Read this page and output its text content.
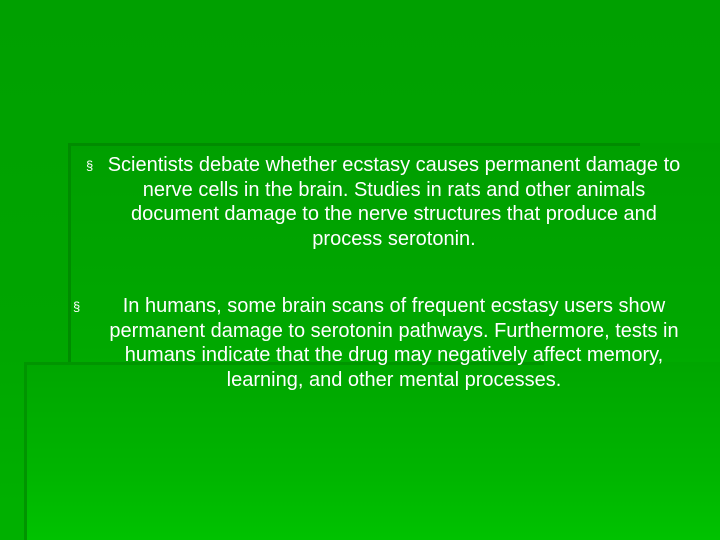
§ Scientists debate whether ecstasy causes permanent damage to nerve cells in the brain. Studies in rats and other animals document damage to the nerve structures that produce and process serotonin.
§	In humans, some brain scans of frequent ecstasy users show permanent damage to serotonin pathways. Furthermore, tests in humans indicate that the drug may negatively affect memory, learning, and other mental processes.
